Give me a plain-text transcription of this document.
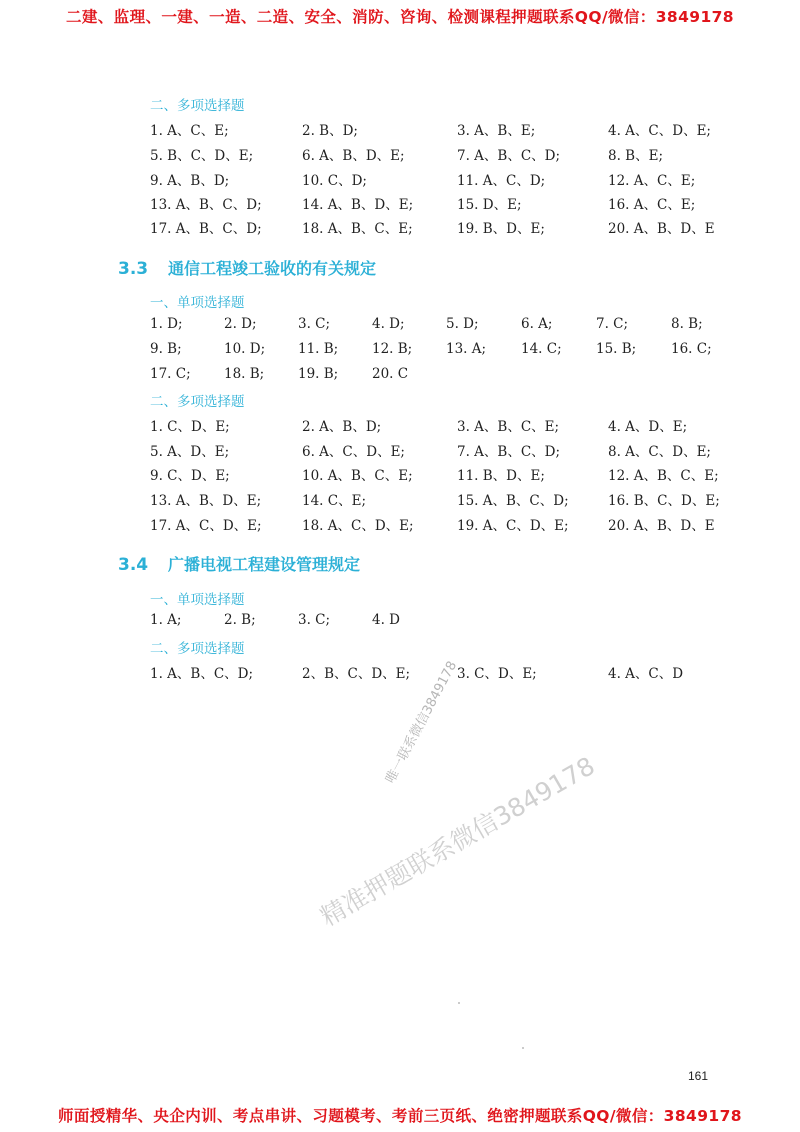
二建、监理、一建、一造、二造、安全、消防、咨询、检测课程押题联系QQ/微信：3849178
二、多项选择题
1. A、C、E;	2. B、D;	3. A、B、E;	4. A、C、D、E;
5. B、C、D、E;	6. A、B、D、E;	7. A、B、C、D;	8. B、E;
9. A、B、D;	10. C、D;	11. A、C、D;	12. A、C、E;
13. A、B、C、D;	14. A、B、D、E;	15. D、E;	16. A、C、E;
17. A、B、C、D;	18. A、B、C、E;	19. B、D、E;	20. A、B、D、E
3.3 通信工程竣工验收的有关规定
一、单项选择题
1. D;	2. D;	3. C;	4. D;	5. D;	6. A;	7. C;	8. B;
9. B;	10. D; 11. B;	12. B;	13. A;	14. C;	15. B;	16. C;
17. C; 18. B;	19. B;	20. C
二、多项选择题
1. C、D、E;	2. A、B、D;	3. A、B、C、E;	4. A、D、E;
5. A、D、E;	6. A、C、D、E;	7. A、B、C、D;	8. A、C、D、E;
9. C、D、E;	10. A、B、C、E;	11. B、D、E;	12. A、B、C、E;
13. A、B、D、E;	14. C、E;	15. A、B、C、D;	16. B、C、D、E;
17. A、C、D、E;	18. A、C、D、E;	19. A、C、D、E;	20. A、B、D、E
3.4 广播电视工程建设管理规定
一、单项选择题
1. A;	2. B;	3. C;	4. D
二、多项选择题
1. A、B、C、D;	2、B、C、D、E;	3. C、D、E;	4. A、C、D
唯一联系微信3849178
精准押题联系微信3849178
161
师面授精华、央企内训、考点串讲、习题模考、考前三页纸、绝密押题联系QQ/微信：3849178
